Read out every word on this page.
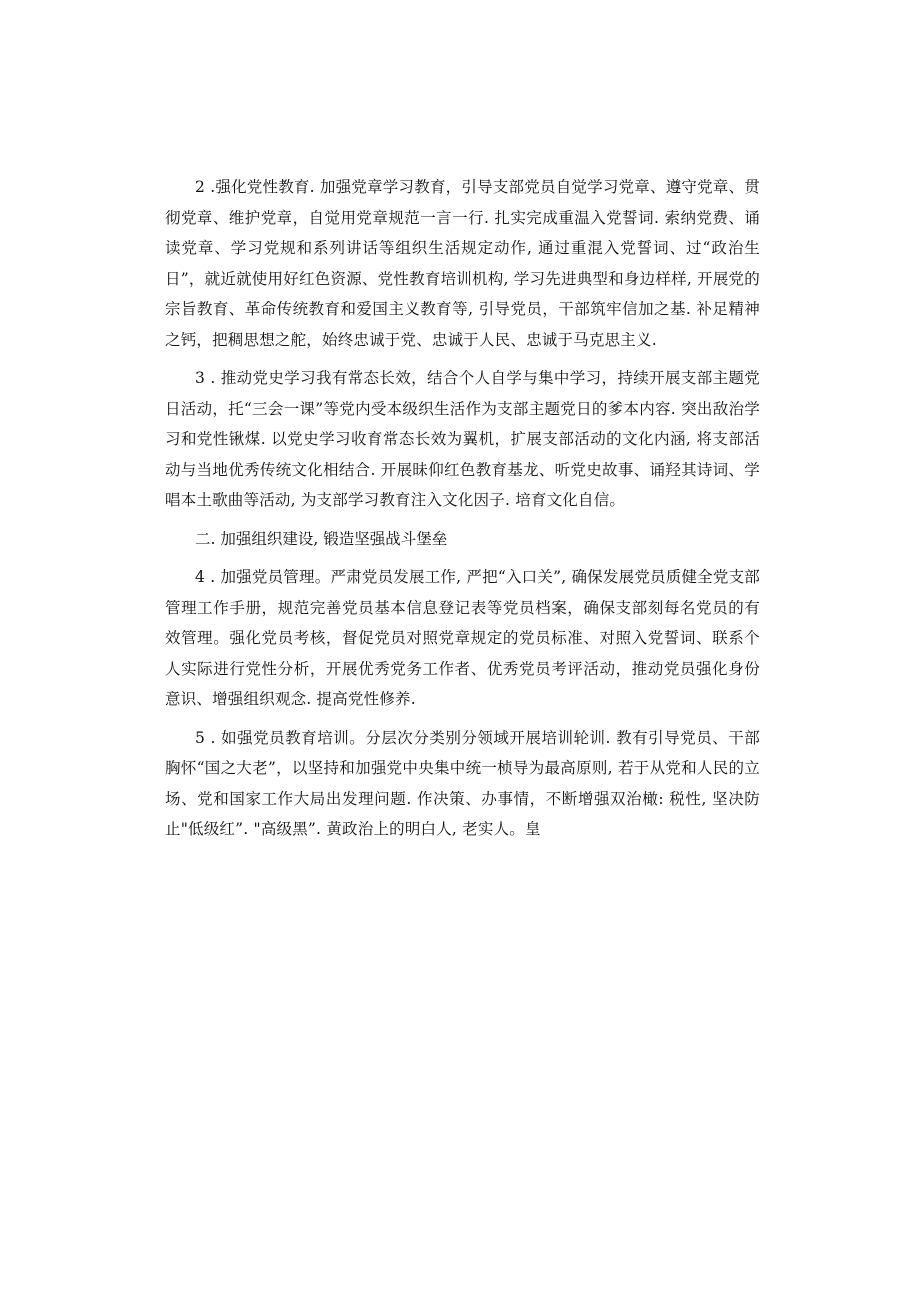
2 .强化党性教育. 加强党章学习教育，引导支部党员自觉学习党章、遵守党章、贯彻党章、维护党章，自觉用党章规范一言一行. 扎实完成重温入党誓词. 索纳党费、诵读党章、学习党规和系列讲话等组织生活规定动作, 通过重混入党誓词、过“政治生日”，就近就使用好红色资源、党性教育培训机构, 学习先进典型和身边样样, 开展党的宗旨教育、革命传统教育和爱国主义教育等, 引导党员，干部筑牢信加之基. 补足精神之钙，把稠思想之舵，始终忠诚于党、忠诚于人民、忠诚于马克思主义.

3 . 推动党史学习我有常态长效，结合个人自学与集中学习，持续开展支部主题党日活动，托“三会一课”等党内受本级织生活作为支部主题党日的爹本内容. 突出敌治学习和党性锹煤. 以党史学习收育常态长效为翼机，扩展支部活动的文化内涵, 将支部活动与当地优秀传统文化相结合. 开展昧仰红色教育基龙、听党史故事、诵羟其诗词、学唱本土歌曲等活动, 为支部学习教育注入文化因子. 培育文化自信。

二. 加强组织建设, 锻造坚强战斗堡垒

4 . 加强党员管理。严肃党员发展工作, 严把“入口关”, 确保发展党员质健全党支部管理工作手册，规范完善党员基本信息登记表等党员档案，确保支部刻每名党员的有效管理。强化党员考核，督促党员对照党章规定的党员标准、对照入党誓词、联系个人实际进行党性分析，开展优秀党务工作者、优秀党员考评活动，推动党员强化身份意识、增强组织观念. 提高党性修养.

5 . 如强党员教育培训。分层次分类别分领域开展培训轮训. 教有引导党员、干部胸怀“国之大老”，以坚持和加强党中央集中统一桢导为最高原则, 若于从党和人民的立场、党和国家工作大局出发理问题. 作决策、办事情，不断增强双治橄: 税性, 坚决防止"低级红”. "高级黑”. 黄政治上的明白人, 老实人。皇
